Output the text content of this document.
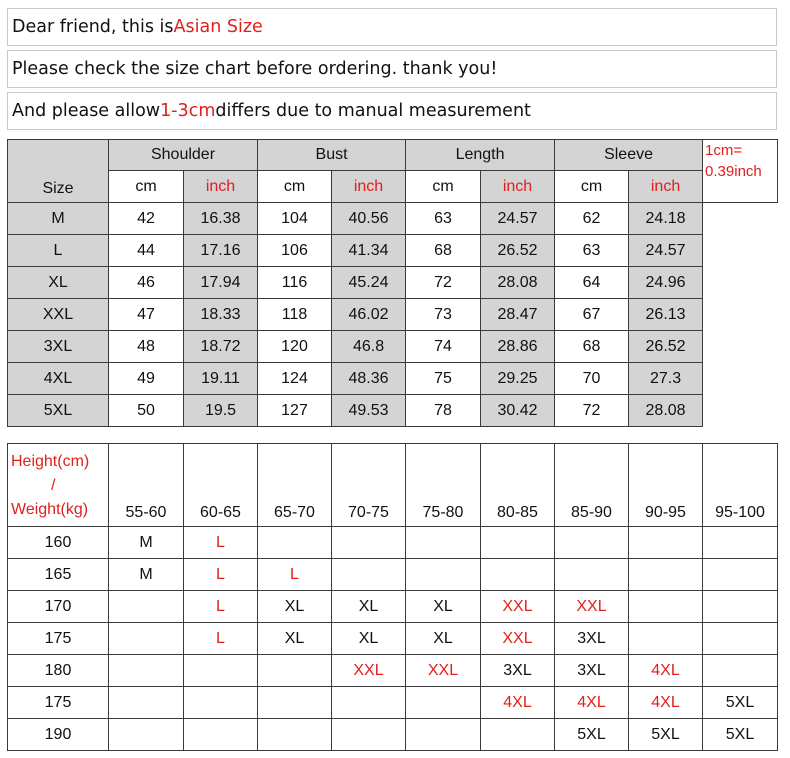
Dear friend, this is Asian Size
Please check the size chart before ordering. thank you!
And please allow 1-3cm differs due to manual measurement
Size	Shoulder		Bust		Length		Sleeve		1cm=
0.39inch
	cm	inch	cm	inch	cm	inch	cm	inch	
M	42	16.38	104	40.56	63	24.57	62	24.18	
L	44	17.16	106	41.34	68	26.52	63	24.57	
XL	46	17.94	116	45.24	72	28.08	64	24.96	
XXL	47	18.33	118	46.02	73	28.47	67	26.13	
3XL	48	18.72	120	46.8	74	28.86	68	26.52	
4XL	49	19.11	124	48.36	75	29.25	70	27.3	
5XL	50	19.5	127	49.53	78	30.42	72	28.08	
Height(cm)
/
Weight(kg)	55-60	60-65	65-70	70-75	75-80	80-85	85-90	90-95	95-100
160	M	L							
165	M	L	L						
170		L	XL	XL	XL	XXL	XXL		
175		L	XL	XL	XL	XXL	3XL		
180				XXL	XXL	3XL	3XL	4XL	
175						4XL	4XL	4XL	5XL
190							5XL	5XL	5XL
